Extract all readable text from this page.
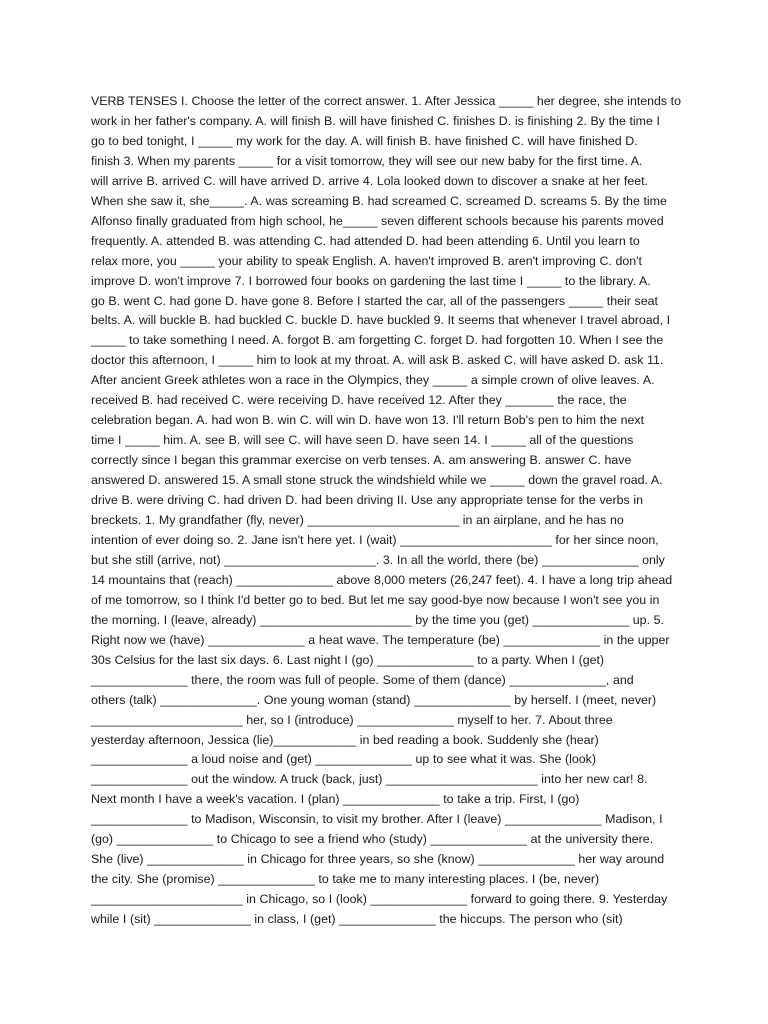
VERB TENSES I. Choose the letter of the correct answer. 1. After Jessica _____ her degree, she intends to
work in her father's company. A. will finish B. will have finished C. finishes D. is finishing 2. By the time I
go to bed tonight, I _____ my work for the day. A. will finish B. have finished C. will have finished D.
finish 3. When my parents _____ for a visit tomorrow, they will see our new baby for the first time. A.
will arrive B. arrived C. will have arrived D. arrive 4. Lola looked down to discover a snake at her feet.
When she saw it, she_____. A. was screaming B. had screamed C. screamed D. screams 5. By the time
Alfonso finally graduated from high school, he_____ seven different schools because his parents moved
frequently. A. attended B. was attending C. had attended D. had been attending 6. Until you learn to
relax more, you _____ your ability to speak English. A. haven't improved B. aren't improving C. don't
improve D. won't improve 7. I borrowed four books on gardening the last time I _____ to the library. A.
go B. went C. had gone D. have gone 8. Before I started the car, all of the passengers _____ their seat
belts. A. will buckle B. had buckled C. buckle D. have buckled 9. It seems that whenever I travel abroad, I
_____ to take something I need. A. forgot B. am forgetting C. forget D. had forgotten 10. When I see the
doctor this afternoon, I _____ him to look at my throat. A. will ask B. asked C. will have asked D. ask 11.
After ancient Greek athletes won a race in the Olympics, they _____ a simple crown of olive leaves. A.
received B. had received C. were receiving D. have received 12. After they _______ the race, the
celebration began. A. had won B. win C. will win D. have won 13. I'll return Bob's pen to him the next
time I _____ him. A. see B. will see C. will have seen D. have seen 14. I _____ all of the questions
correctly since I began this grammar exercise on verb tenses. A. am answering B. answer C. have
answered D. answered 15. A small stone struck the windshield while we _____ down the gravel road. A.
drive B. were driving C. had driven D. had been driving II. Use any appropriate tense for the verbs in
breckets. 1. My grandfather (fly, never) ______________________ in an airplane, and he has no
intention of ever doing so. 2. Jane isn't here yet. I (wait) ______________________ for her since noon,
but she still (arrive, not) ______________________. 3. In all the world, there (be) ______________ only
14 mountains that (reach) ______________ above 8,000 meters (26,247 feet). 4. I have a long trip ahead
of me tomorrow, so I think I'd better go to bed. But let me say good-bye now because I won't see you in
the morning. I (leave, already) ______________________ by the time you (get) ______________ up. 5.
Right now we (have) ______________ a heat wave. The temperature (be) ______________ in the upper
30s Celsius for the last six days. 6. Last night I (go) ______________ to a party. When I (get)
______________ there, the room was full of people. Some of them (dance) ______________, and
others (talk) ______________. One young woman (stand) ______________ by herself. I (meet, never)
______________________ her, so I (introduce) ______________ myself to her. 7. About three
yesterday afternoon, Jessica (lie)____________ in bed reading a book. Suddenly she (hear)
______________ a loud noise and (get) ______________ up to see what it was. She (look)
______________ out the window. A truck (back, just) ______________________ into her new car! 8.
Next month I have a week's vacation. I (plan) ______________ to take a trip. First, I (go)
______________ to Madison, Wisconsin, to visit my brother. After I (leave) ______________ Madison, I
(go) ______________ to Chicago to see a friend who (study) ______________ at the university there.
She (live) ______________ in Chicago for three years, so she (know) ______________ her way around
the city. She (promise) ______________ to take me to many interesting places. I (be, never)
______________________ in Chicago, so I (look) ______________ forward to going there. 9. Yesterday
while I (sit) ______________ in class, I (get) ______________ the hiccups. The person who (sit)
